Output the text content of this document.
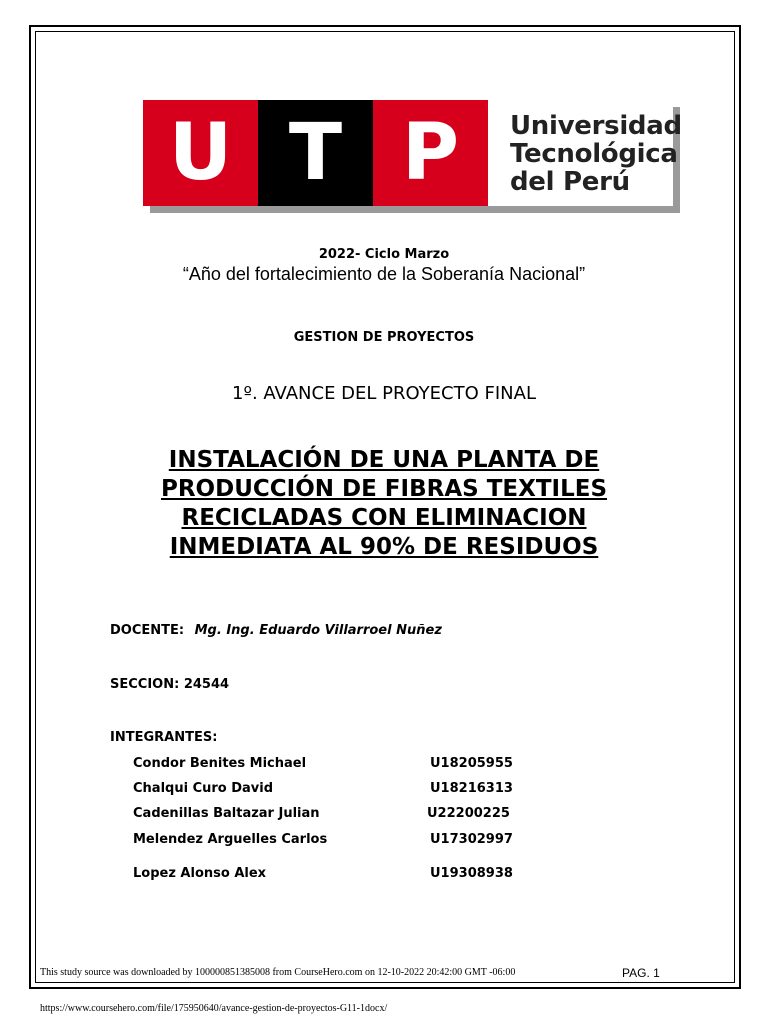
U T P	Universidad
Tecnológica
del Perú
2022- Ciclo Marzo
“Año del fortalecimiento de la Soberanía Nacional”
GESTION DE PROYECTOS
1º. AVANCE DEL PROYECTO FINAL
INSTALACIÓN DE UNA PLANTA DE
PRODUCCIÓN DE FIBRAS TEXTILES
RECICLADAS CON ELIMINACION
INMEDIATA AL 90% DE RESIDUOS
DOCENTE: Mg. Ing. Eduardo Villarroel Nuñez
SECCION: 24544
INTEGRANTES:
Condor Benites Michael	U18205955
Chalqui Curo David	U18216313
Cadenillas Baltazar Julian	U22200225
Melendez Arguelles Carlos	U17302997
Lopez Alonso Alex	U19308938
This study source was downloaded by 100000851385008 from CourseHero.com on 12-10-2022 20:42:00 GMT -06:00	PAG. 1
https://www.coursehero.com/file/175950640/avance-gestion-de-proyectos-G11-1docx/
